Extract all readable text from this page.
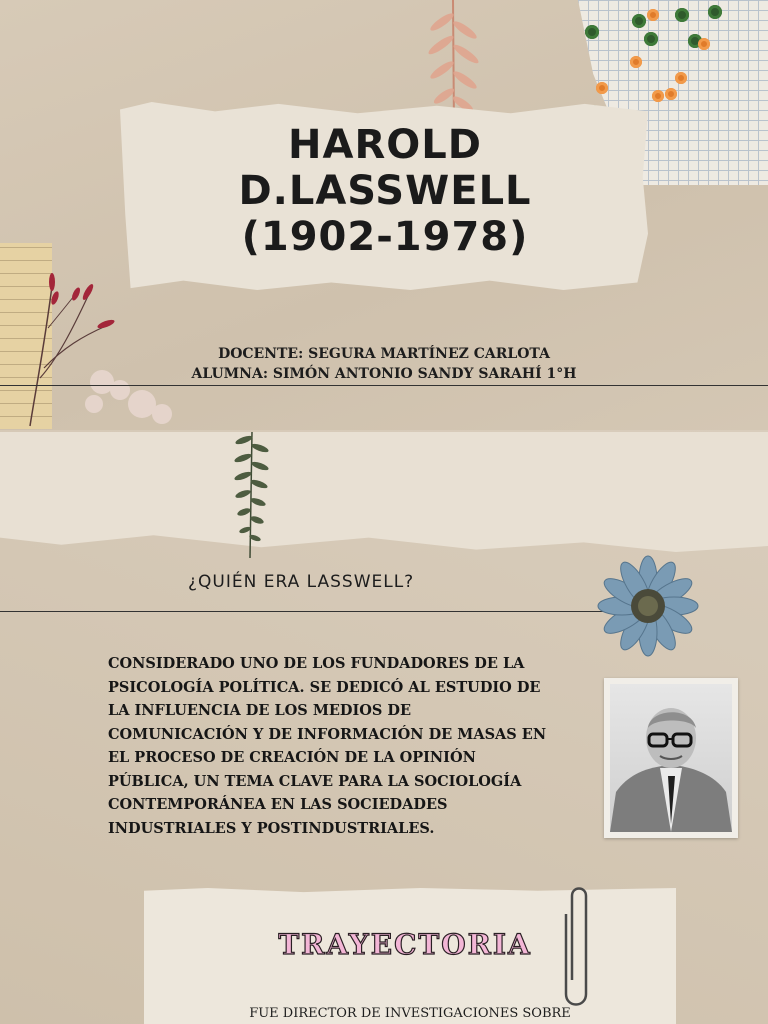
HAROLD
D.LASSWELL
(1902-1978)
DOCENTE: SEGURA MARTÍNEZ CARLOTA
ALUMNA: SIMÓN ANTONIO SANDY SARAHÍ 1°H
¿QUIÉN ERA LASSWELL?
CONSIDERADO UNO DE LOS FUNDADORES DE LA
PSICOLOGÍA POLÍTICA. SE DEDICÓ AL ESTUDIO DE
LA INFLUENCIA DE LOS MEDIOS DE
COMUNICACIÓN Y DE INFORMACIÓN DE MASAS EN
EL PROCESO DE CREACIÓN DE LA OPINIÓN
PÚBLICA, UN TEMA CLAVE PARA LA SOCIOLOGÍA
CONTEMPORÁNEA EN LAS SOCIEDADES
INDUSTRIALES Y POSTINDUSTRIALES.
TRAYECTORIA
FUE DIRECTOR DE INVESTIGACIONES SOBRE
